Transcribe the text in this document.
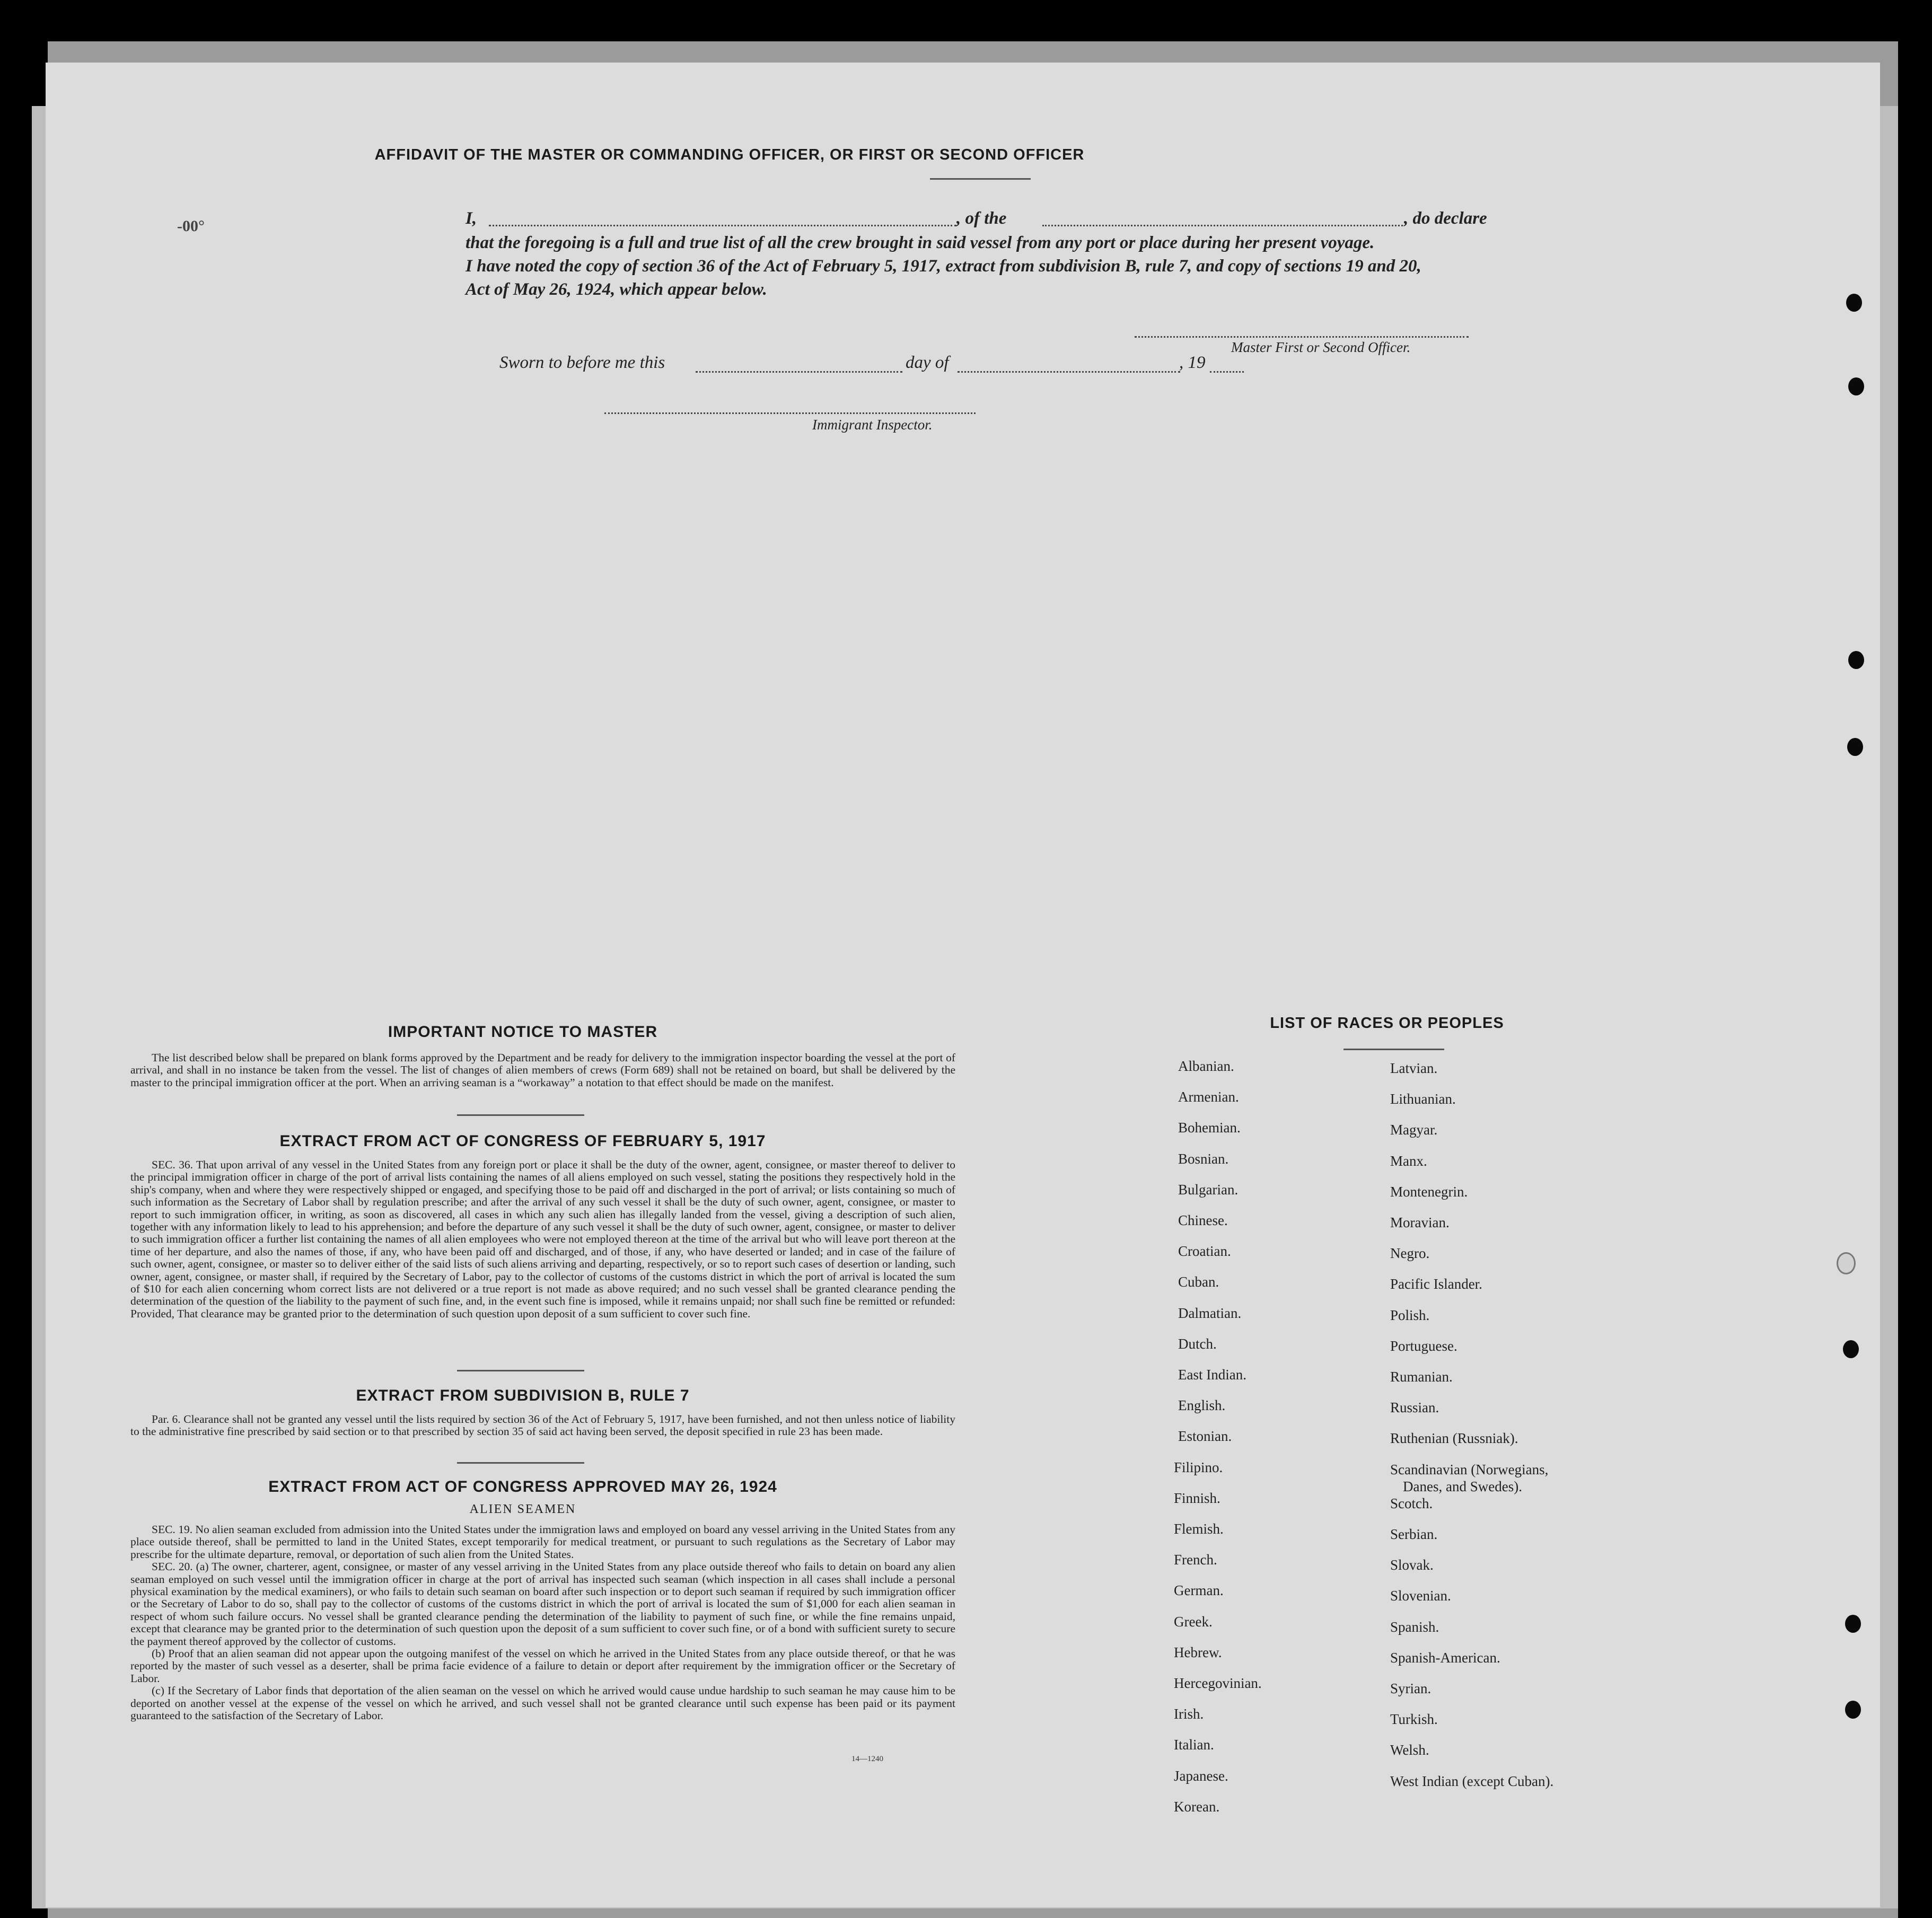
AFFIDAVIT OF THE MASTER OR COMMANDING OFFICER, OR FIRST OR SECOND OFFICER
-00°	I,	, of the	, do declare
that the foregoing is a full and true list of all the crew brought in said vessel from any port or place during her present voyage.
I have noted the copy of section 36 of the Act of February 5, 1917, extract from subdivision B, rule 7, and copy of sections 19 and 20,
Act of May 26, 1924, which appear below.
Master First or Second Officer.
Sworn to before me this	day of	, 19
Immigrant Inspector.
IMPORTANT NOTICE TO MASTER

The list described below shall be prepared on blank forms approved by the Department and be ready for delivery to the immigration inspector boarding the vessel at the port of arrival, and shall in no instance be taken from the vessel. The list of changes of alien members of crews (Form 689) shall not be retained on board, but shall be delivered by the master to the principal immigration officer at the port. When an arriving seaman is a “workaway” a notation to that effect should be made on the manifest.

EXTRACT FROM ACT OF CONGRESS OF FEBRUARY 5, 1917

SEC. 36. That upon arrival of any vessel in the United States from any foreign port or place it shall be the duty of the owner, agent, consignee, or master thereof to deliver to the principal immigration officer in charge of the port of arrival lists containing the names of all aliens employed on such vessel, stating the positions they respectively hold in the ship's company, when and where they were respectively shipped or engaged, and specifying those to be paid off and discharged in the port of arrival; or lists containing so much of such information as the Secretary of Labor shall by regulation prescribe; and after the arrival of any such vessel it shall be the duty of such owner, agent, consignee, or master to report to such immigration officer, in writing, as soon as discovered, all cases in which any such alien has illegally landed from the vessel, giving a description of such alien, together with any information likely to lead to his apprehension; and before the departure of any such vessel it shall be the duty of such owner, agent, consignee, or master to deliver to such immigration officer a further list containing the names of all alien employees who were not employed thereon at the time of the arrival but who will leave port thereon at the time of her departure, and also the names of those, if any, who have been paid off and discharged, and of those, if any, who have deserted or landed; and in case of the failure of such owner, agent, consignee, or master so to deliver either of the said lists of such aliens arriving and departing, respectively, or so to report such cases of desertion or landing, such owner, agent, consignee, or master shall, if required by the Secretary of Labor, pay to the collector of customs of the customs district in which the port of arrival is located the sum of $10 for each alien concerning whom correct lists are not delivered or a true report is not made as above required; and no such vessel shall be granted clearance pending the determination of the question of the liability to the payment of such fine, and, in the event such fine is imposed, while it remains unpaid; nor shall such fine be remitted or refunded: Provided, That clearance may be granted prior to the determination of such question upon deposit of a sum sufficient to cover such fine.

EXTRACT FROM SUBDIVISION B, RULE 7

Par. 6. Clearance shall not be granted any vessel until the lists required by section 36 of the Act of February 5, 1917, have been furnished, and not then unless notice of liability to the administrative fine prescribed by said section or to that prescribed by section 35 of said act having been served, the deposit specified in rule 23 has been made.

EXTRACT FROM ACT OF CONGRESS APPROVED MAY 26, 1924
ALIEN SEAMEN

SEC. 19. No alien seaman excluded from admission into the United States under the immigration laws and employed on board any vessel arriving in the United States from any place outside thereof, shall be permitted to land in the United States, except temporarily for medical treatment, or pursuant to such regulations as the Secretary of Labor may prescribe for the ultimate departure, removal, or deportation of such alien from the United States.

SEC. 20. (a) The owner, charterer, agent, consignee, or master of any vessel arriving in the United States from any place outside thereof who fails to detain on board any alien seaman employed on such vessel until the immigration officer in charge at the port of arrival has inspected such seaman (which inspection in all cases shall include a personal physical examination by the medical examiners), or who fails to detain such seaman on board after such inspection or to deport such seaman if required by such immigration officer or the Secretary of Labor to do so, shall pay to the collector of customs of the customs district in which the port of arrival is located the sum of $1,000 for each alien seaman in respect of whom such failure occurs. No vessel shall be granted clearance pending the determination of the liability to payment of such fine, or while the fine remains unpaid, except that clearance may be granted prior to the determination of such question upon the deposit of a sum sufficient to cover such fine, or of a bond with sufficient surety to secure the payment thereof approved by the collector of customs.

(b) Proof that an alien seaman did not appear upon the outgoing manifest of the vessel on which he arrived in the United States from any place outside thereof, or that he was reported by the master of such vessel as a deserter, shall be prima facie evidence of a failure to detain or deport after requirement by the immigration officer or the Secretary of Labor.

(c) If the Secretary of Labor finds that deportation of the alien seaman on the vessel on which he arrived would cause undue hardship to such seaman he may cause him to be deported on another vessel at the expense of the vessel on which he arrived, and such vessel shall not be granted clearance until such expense has been paid or its payment guaranteed to the satisfaction of the Secretary of Labor.

14—1240
LIST OF RACES OR PEOPLES
Albanian.
Armenian.
Bohemian.
Bosnian.
Bulgarian.
Chinese.
Croatian.
Cuban.
Dalmatian.
Dutch.
East Indian.
English.
Estonian.
Filipino.
Finnish.
Flemish.
French.
German.
Greek.
Hebrew.
Hercegovinian.
Irish.
Italian.
Japanese.
Korean.
Latvian.
Lithuanian.
Magyar.
Manx.
Montenegrin.
Moravian.
Negro.
Pacific Islander.
Polish.
Portuguese.
Rumanian.
Russian.
Ruthenian (Russniak).
Scandinavian (Norwegians,
Danes, and Swedes).
Scotch.
Serbian.
Slovak.
Slovenian.
Spanish.
Spanish-American.
Syrian.
Turkish.
Welsh.
West Indian (except Cuban).
